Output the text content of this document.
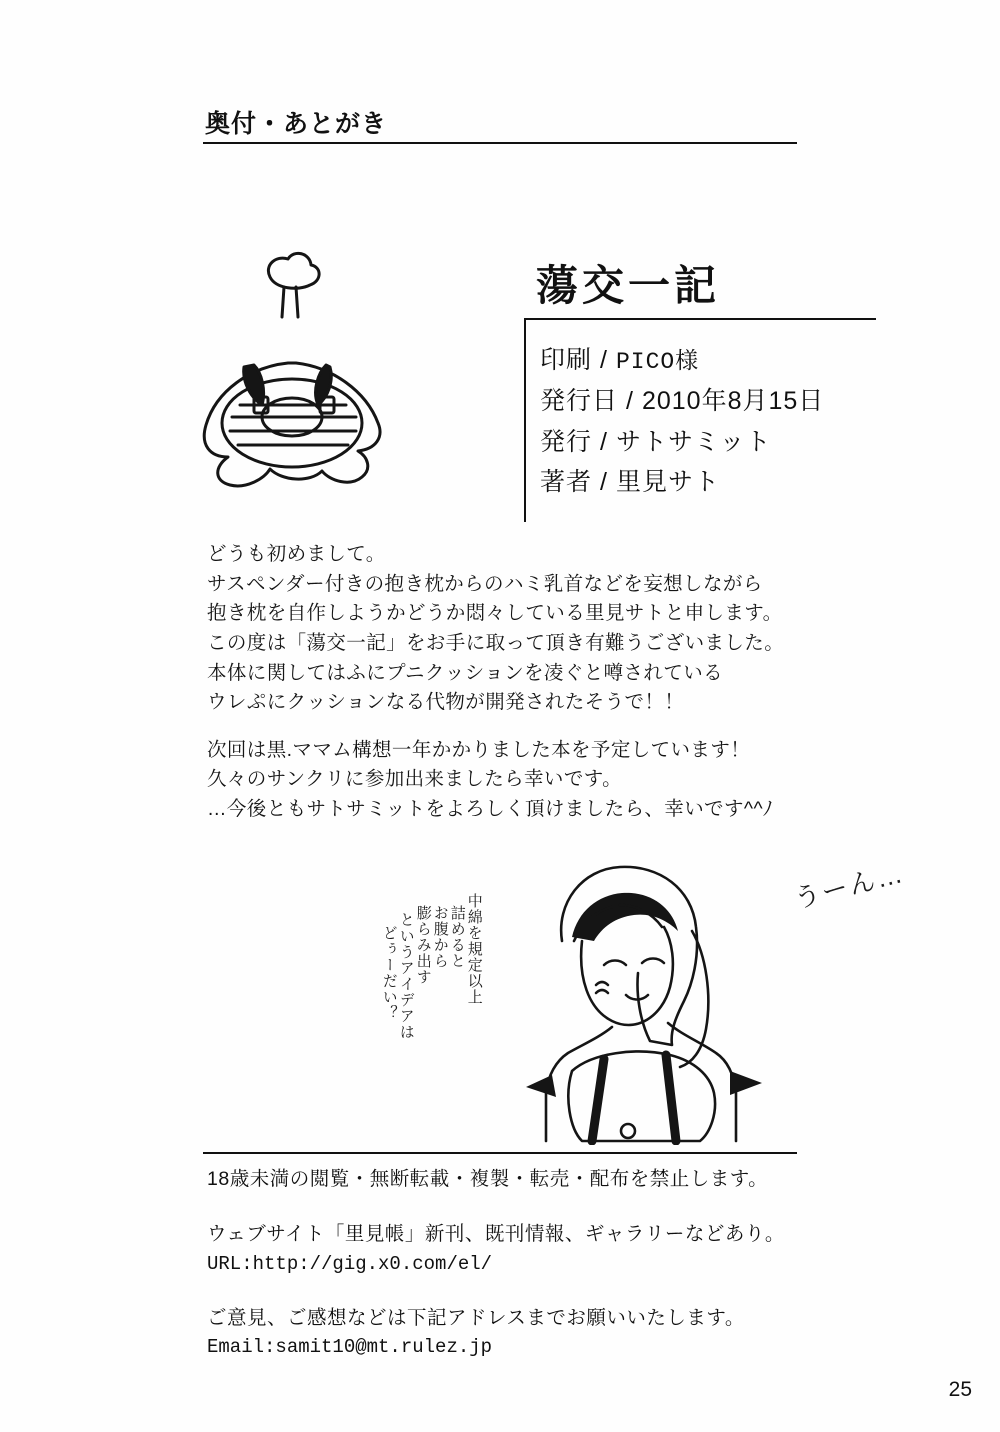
奥付・あとがき
蕩交一記
印刷 / PICO様
発行日 / 2010年8月15日
発行 / サトサミット
著者 / 里見サト

どうも初めまして。

サスペンダー付きの抱き枕からのハミ乳首などを妄想しながら

抱き枕を自作しようかどうか悶々している里見サトと申します。

この度は「蕩交一記」をお手に取って頂き有難うございました。

本体に関してはふにプニクッションを凌ぐと噂されている

ウレぷにクッションなる代物が開発されたそうで！！

次回は黒.ママム構想一年かかりました本を予定しています！

久々のサンクリに参加出来ましたら幸いです。

…今後ともサトサミットをよろしく頂けましたら、幸いです^^ﾉ

中綿を規定以上
詰めると
お腹から
膨らみ出す
というアイデアは
どぅーだい？
うーん…
18歳未満の閲覧・無断転載・複製・転売・配布を禁止します。
ウェブサイト「里見帳」新刊、既刊情報、ギャラリーなどあり。
URL:http://gig.x0.com/el/
ご意見、ご感想などは下記アドレスまでお願いいたします。
Email:samit10@mt.rulez.jp
25
